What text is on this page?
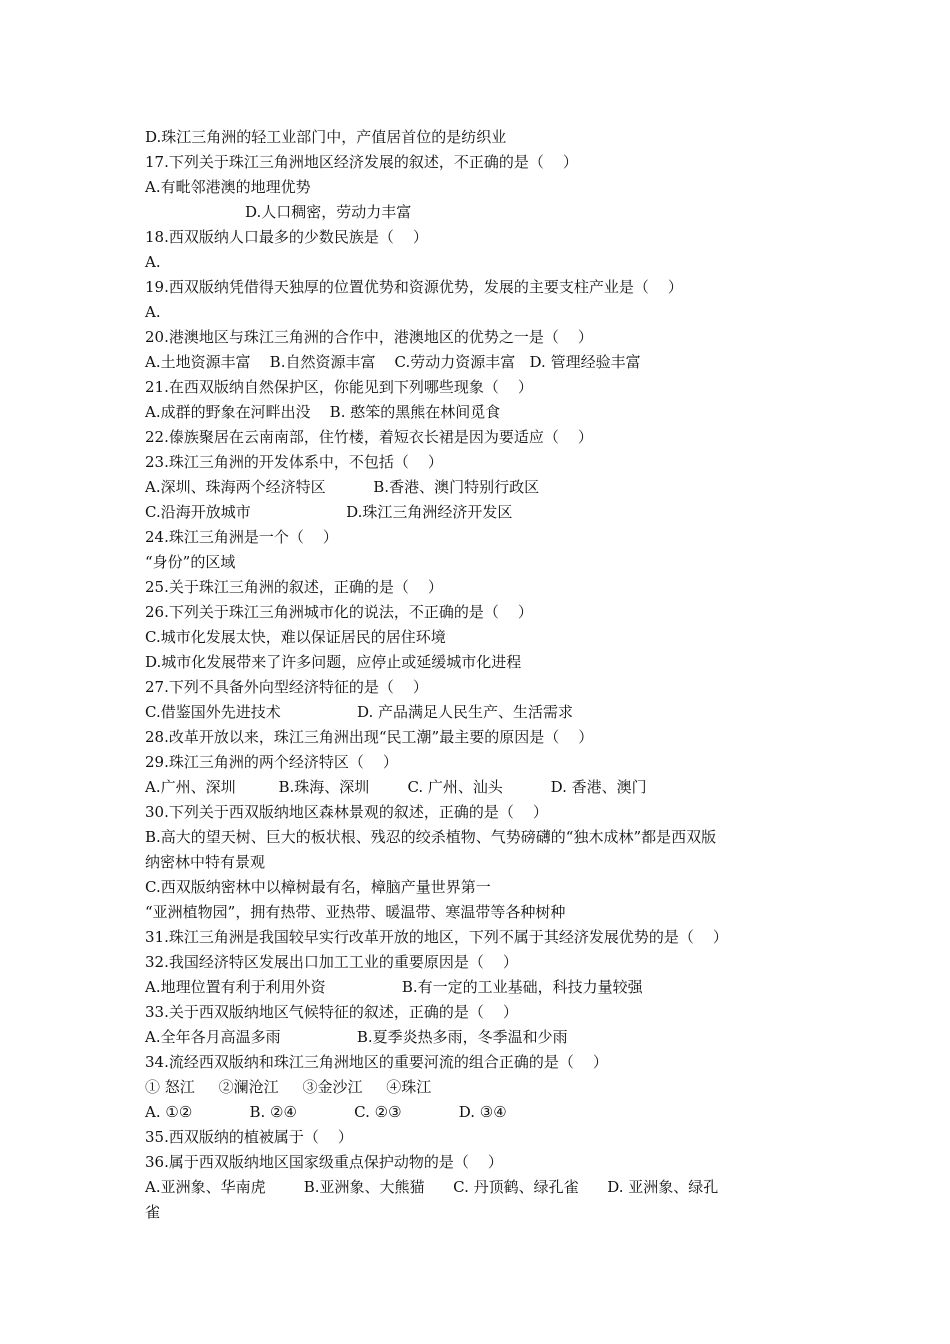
D.珠江三角洲的轻工业部门中，产值居首位的是纺织业
17.下列关于珠江三角洲地区经济发展的叙述，不正确的是（    ）
A.有毗邻港澳的地理优势
D.人口稠密，劳动力丰富
18.西双版纳人口最多的少数民族是（    ）
A.
19.西双版纳凭借得天独厚的位置优势和资源优势，发展的主要支柱产业是（    ）
A.
20.港澳地区与珠江三角洲的合作中，港澳地区的优势之一是（    ）
A.土地资源丰富    B.自然资源丰富    C.劳动力资源丰富   D. 管理经验丰富
21.在西双版纳自然保护区，你能见到下列哪些现象（    ）
A.成群的野象在河畔出没    B. 憨笨的黑熊在林间觅食
22.傣族聚居在云南南部，住竹楼，着短衣长裙是因为要适应（    ）
23.珠江三角洲的开发体系中，不包括（    ）
A.深圳、珠海两个经济特区          B.香港、澳门特别行政区
C.沿海开放城市                    D.珠江三角洲经济开发区
24.珠江三角洲是一个（    ）
“身份”的区域
25.关于珠江三角洲的叙述，正确的是（    ）
26.下列关于珠江三角洲城市化的说法，不正确的是（    ）
C.城市化发展太快，难以保证居民的居住环境
D.城市化发展带来了许多问题，应停止或延缓城市化进程
27.下列不具备外向型经济特征的是（    ）
C.借鉴国外先进技术                D. 产品满足人民生产、生活需求
28.改革开放以来，珠江三角洲出现“民工潮”最主要的原因是（    ）
29.珠江三角洲的两个经济特区（    ）
A.广州、深圳         B.珠海、深圳        C. 广州、汕头          D. 香港、澳门
30.下列关于西双版纳地区森林景观的叙述，正确的是（    ）
B.高大的望天树、巨大的板状根、残忍的绞杀植物、气势磅礴的“独木成林”都是西双版
纳密林中特有景观
C.西双版纳密林中以樟树最有名，樟脑产量世界第一
“亚洲植物园”，拥有热带、亚热带、暖温带、寒温带等各种树种
31.珠江三角洲是我国较早实行改革开放的地区，下列不属于其经济发展优势的是（    ）
32.我国经济特区发展出口加工工业的重要原因是（    ）
A.地理位置有利于利用外资                B.有一定的工业基础，科技力量较强
33.关于西双版纳地区气候特征的叙述，正确的是（    ）
A.全年各月高温多雨                B.夏季炎热多雨，冬季温和少雨
34.流经西双版纳和珠江三角洲地区的重要河流的组合正确的是（    ）
① 怒江     ②澜沧江     ③金沙江     ④珠江
A. ①②            B. ②④            C. ②③            D. ③④
35.西双版纳的植被属于（    ）
36.属于西双版纳地区国家级重点保护动物的是（    ）
A.亚洲象、华南虎        B.亚洲象、大熊猫      C. 丹顶鹤、绿孔雀      D. 亚洲象、绿孔
雀
